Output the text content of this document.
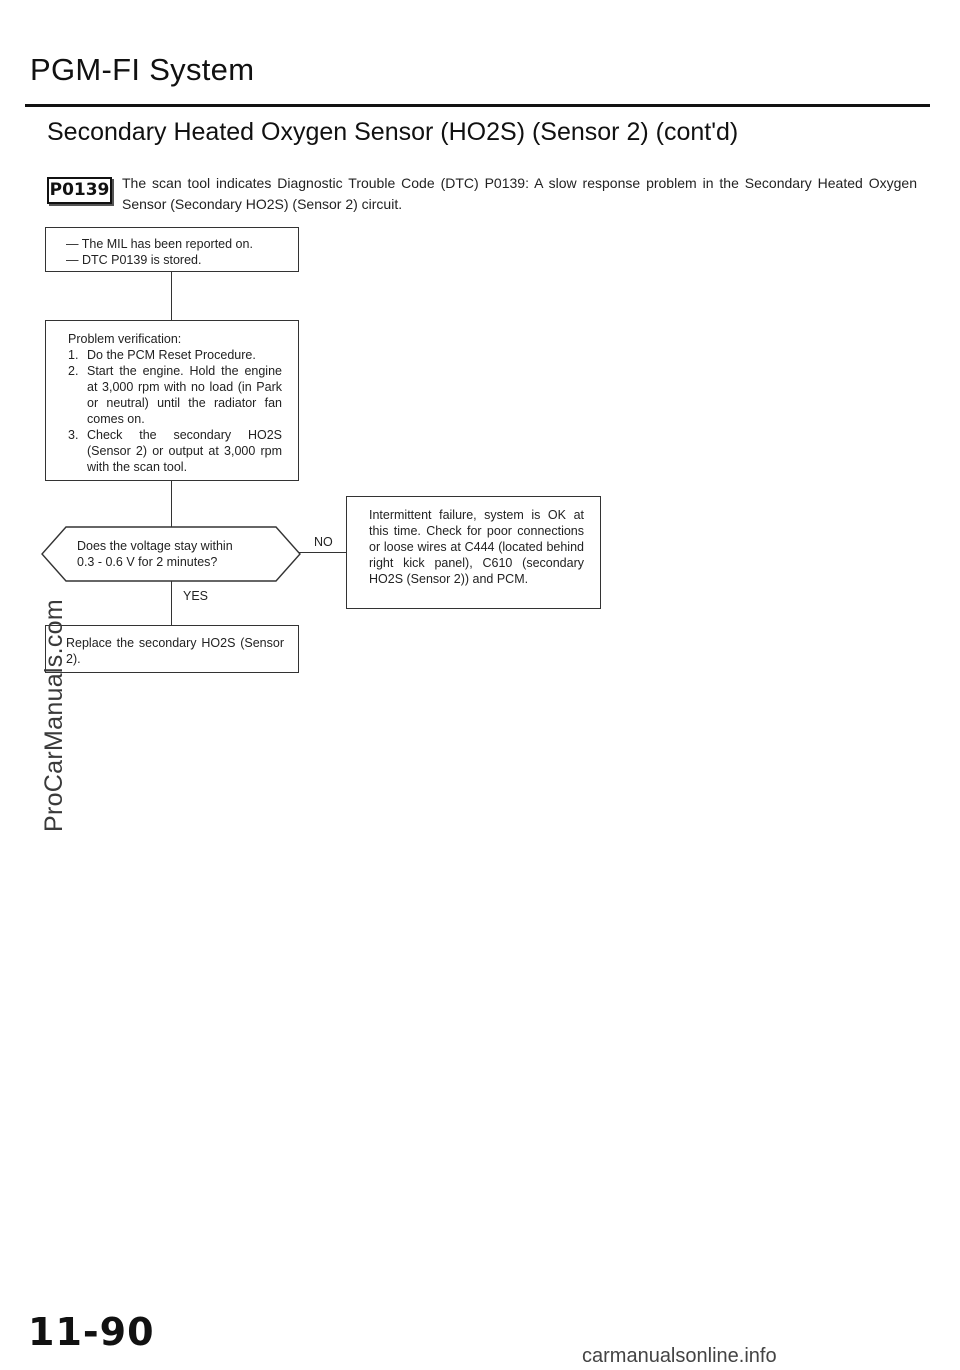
PGM-FI System
Secondary Heated Oxygen Sensor (HO2S) (Sensor 2) (cont'd)
P0139 The scan tool indicates Diagnostic Trouble Code (DTC) P0139: A slow response problem in the Secondary Heated Oxygen Sensor (Secondary HO2S) (Sensor 2) circuit.
— The MIL has been reported on.
— DTC P0139 is stored.
Problem verification:
1. Do the PCM Reset Procedure.
2. Start the engine. Hold the engine at 3,000 rpm with no load (in Park or neutral) until the radiator fan comes on.
3. Check the secondary HO2S (Sensor 2) or output at 3,000 rpm with the scan tool.
Does the voltage stay within
0.3 - 0.6 V for 2 minutes?
NO
YES
Replace the secondary HO2S (Sensor 2).
Intermittent failure, system is OK at this time. Check for poor connections or loose wires at C444 (located behind right kick panel), C610 (secondary HO2S (Sensor 2)) and PCM.
ProCarManuals.com
11-90
carmanualsonline.info
